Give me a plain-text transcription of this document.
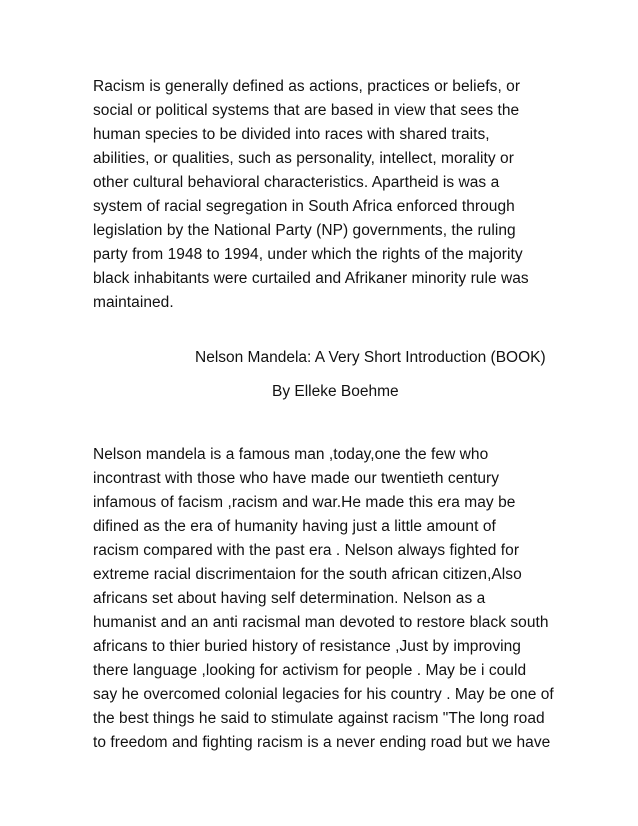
Racism is generally defined as actions, practices or beliefs, or
social or political systems that are based in view that sees the
human species to be divided into races with shared traits,
abilities, or qualities, such as personality, intellect, morality or
other cultural behavioral characteristics. Apartheid is was a
system of racial segregation in South Africa enforced through
legislation by the National Party (NP) governments, the ruling
party from 1948 to 1994, under which the rights of the majority
black inhabitants were curtailed and Afrikaner minority rule was
maintained.
Nelson Mandela: A Very Short Introduction (BOOK)
By Elleke Boehme
Nelson mandela is a famous man ,today,one the few who
incontrast with those who have made our twentieth century
infamous of facism ,racism and war.He made this era may be
difined as the era of humanity having just a little amount of
racism compared with the past era . Nelson always fighted for
extreme racial discrimentaion for the south african citizen,Also
africans set about having self determination. Nelson as a
humanist and an anti racismal man devoted to restore black south
africans to thier buried history of resistance ,Just by improving
there language ,looking for activism for people . May be i could
say he overcomed colonial legacies for his country . May be one of
the best things he said to stimulate against racism "The long road
to freedom and fighting racism is a never ending road but we have
